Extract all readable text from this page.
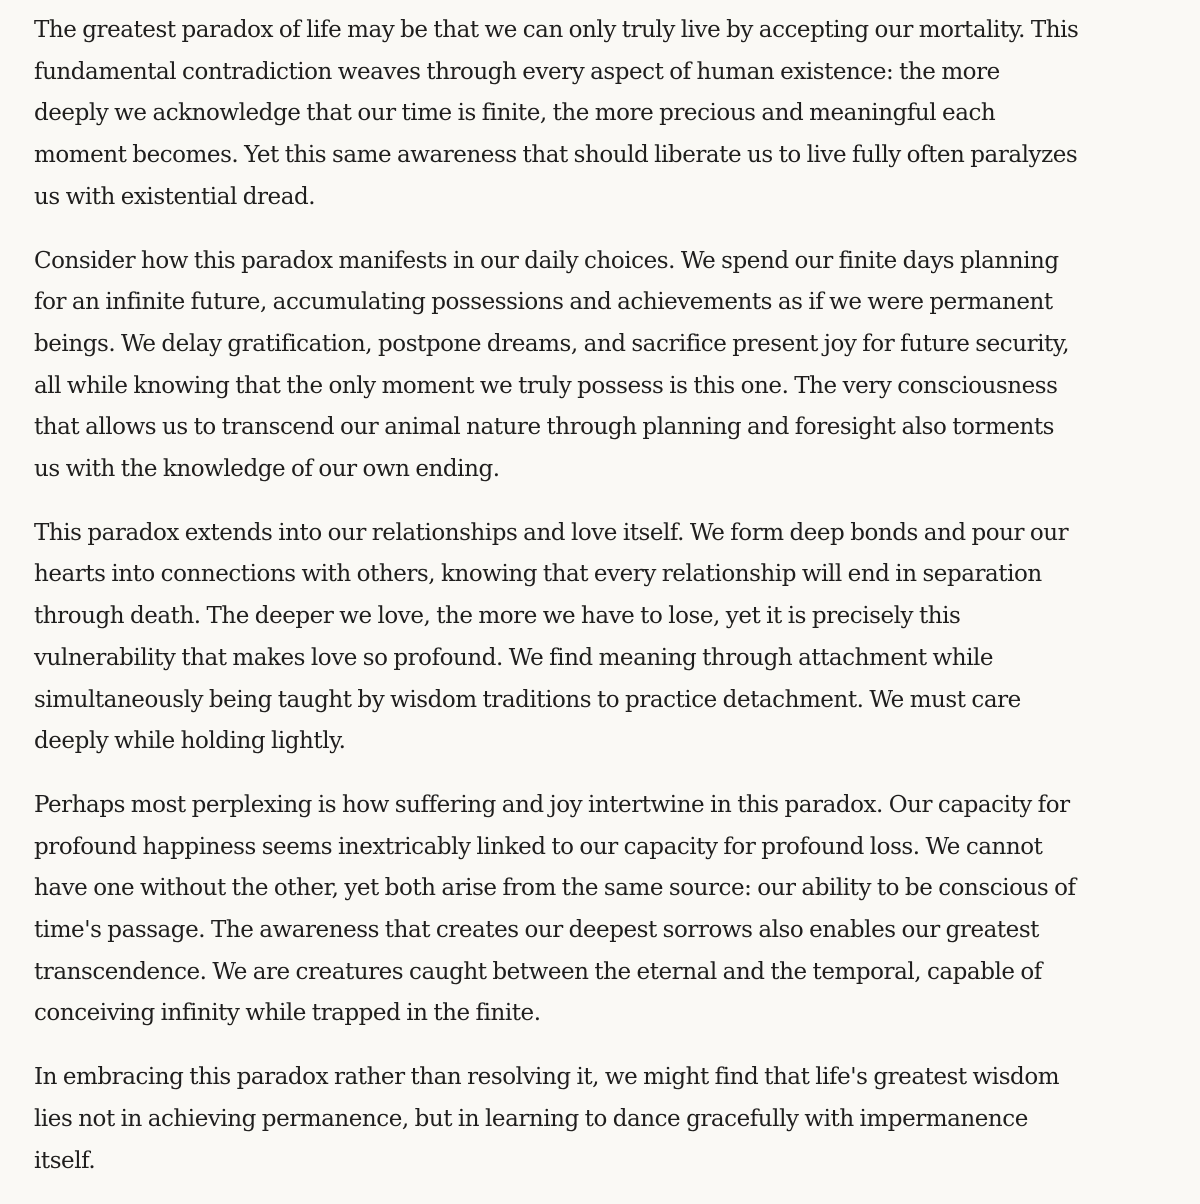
The greatest paradox of life may be that we can only truly live by accepting our mortality. This
fundamental contradiction weaves through every aspect of human existence: the more
deeply we acknowledge that our time is finite, the more precious and meaningful each
moment becomes. Yet this same awareness that should liberate us to live fully often paralyzes
us with existential dread.

Consider how this paradox manifests in our daily choices. We spend our finite days planning
for an infinite future, accumulating possessions and achievements as if we were permanent
beings. We delay gratification, postpone dreams, and sacrifice present joy for future security,
all while knowing that the only moment we truly possess is this one. The very consciousness
that allows us to transcend our animal nature through planning and foresight also torments
us with the knowledge of our own ending.

This paradox extends into our relationships and love itself. We form deep bonds and pour our
hearts into connections with others, knowing that every relationship will end in separation
through death. The deeper we love, the more we have to lose, yet it is precisely this
vulnerability that makes love so profound. We find meaning through attachment while
simultaneously being taught by wisdom traditions to practice detachment. We must care
deeply while holding lightly.

Perhaps most perplexing is how suffering and joy intertwine in this paradox. Our capacity for
profound happiness seems inextricably linked to our capacity for profound loss. We cannot
have one without the other, yet both arise from the same source: our ability to be conscious of
time's passage. The awareness that creates our deepest sorrows also enables our greatest
transcendence. We are creatures caught between the eternal and the temporal, capable of
conceiving infinity while trapped in the finite.

In embracing this paradox rather than resolving it, we might find that life's greatest wisdom
lies not in achieving permanence, but in learning to dance gracefully with impermanence
itself.
